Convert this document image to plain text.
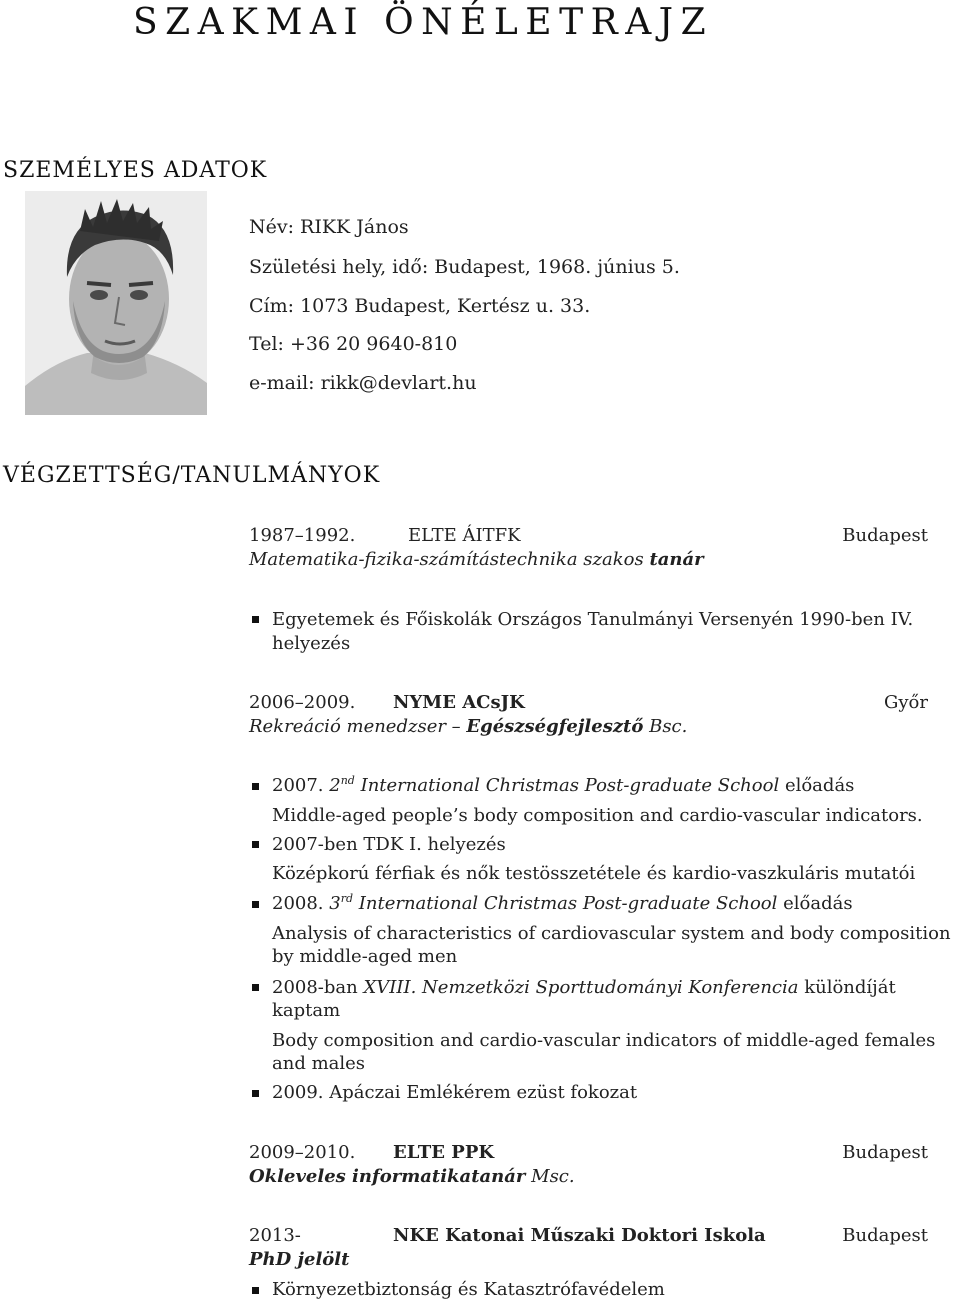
SZAKMAI ÖNÉLETRAJZ
SZEMÉLYES ADATOK
Név: RIKK János
Születési hely, idő: Budapest, 1968. június 5.
Cím: 1073 Budapest, Kertész u. 33.
Tel: +36 20 9640-810
e-mail: rikk@devlart.hu
VÉGZETTSÉG/TANULMÁNYOK
1987–1992.	ELTE ÁITFK	Budapest
Matematika-fizika-számítástechnika szakos tanár
Egyetemek és Főiskolák Országos Tanulmányi Versenyén 1990-ben IV.
helyezés
2006–2009. NYME ACsJK	Győr
Rekreáció menedzser – Egészségfejlesztő Bsc.
2007. 2nd International Christmas Post-graduate School előadás
Middle-aged people’s body composition and cardio-vascular indicators.
2007-ben TDK I. helyezés
Középkorú férfiak és nők testösszetétele és kardio-vaszkuláris mutatói
2008. 3rd International Christmas Post-graduate School előadás
Analysis of characteristics of cardiovascular system and body composition by middle-aged men
2008-ban XVIII. Nemzetközi Sporttudományi Konferencia különdíját kaptam
Body composition and cardio-vascular indicators of middle-aged females and males
2009. Apáczai Emlékérem ezüst fokozat
2009–2010. ELTE PPK	Budapest
Okleveles informatikatanár Msc.
2013-	NKE Katonai Műszaki Doktori Iskola	Budapest
PhD jelölt
Környezetbiztonság és Katasztrófavédelem
